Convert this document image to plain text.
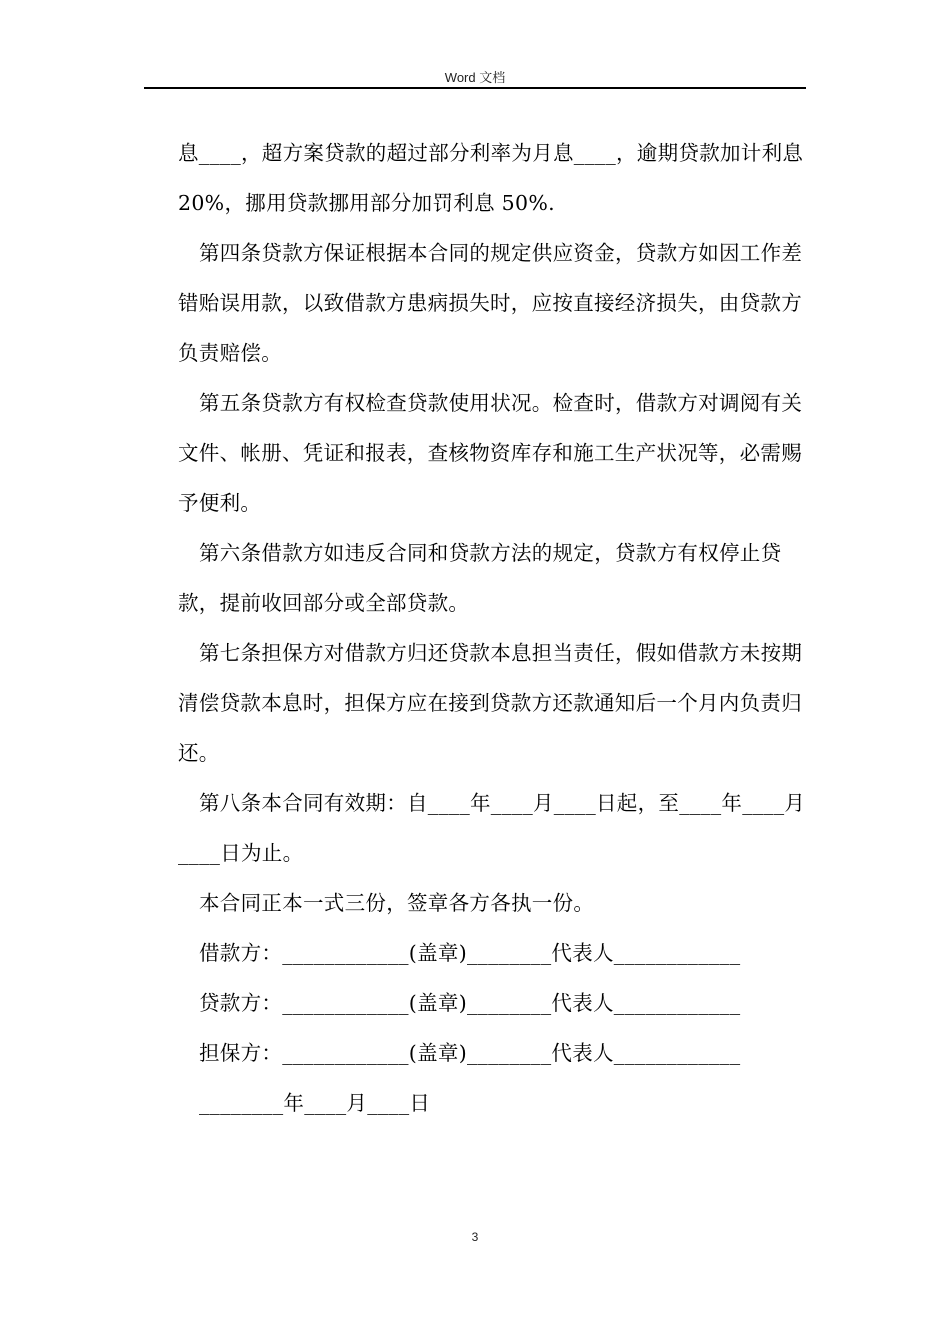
Word 文档

息____，超方案贷款的超过部分利率为月息____，逾期贷款加计利息 20%，挪用贷款挪用部分加罚利息 50%.

第四条贷款方保证根据本合同的规定供应资金，贷款方如因工作差错贻误用款，以致借款方患病损失时，应按直接经济损失，由贷款方负责赔偿。

第五条贷款方有权检查贷款使用状况。检查时，借款方对调阅有关文件、帐册、凭证和报表，查核物资库存和施工生产状况等，必需赐予便利。

第六条借款方如违反合同和贷款方法的规定，贷款方有权停止贷款，提前收回部分或全部贷款。

第七条担保方对借款方归还贷款本息担当责任，假如借款方未按期清偿贷款本息时，担保方应在接到贷款方还款通知后一个月内负责归还。

第八条本合同有效期：自____年____月____日起，至____年____月____日为止。

本合同正本一式三份，签章各方各执一份。

借款方：____________(盖章)________代表人____________

贷款方：____________(盖章)________代表人____________

担保方：____________(盖章)________代表人____________

________年____月____日

3
